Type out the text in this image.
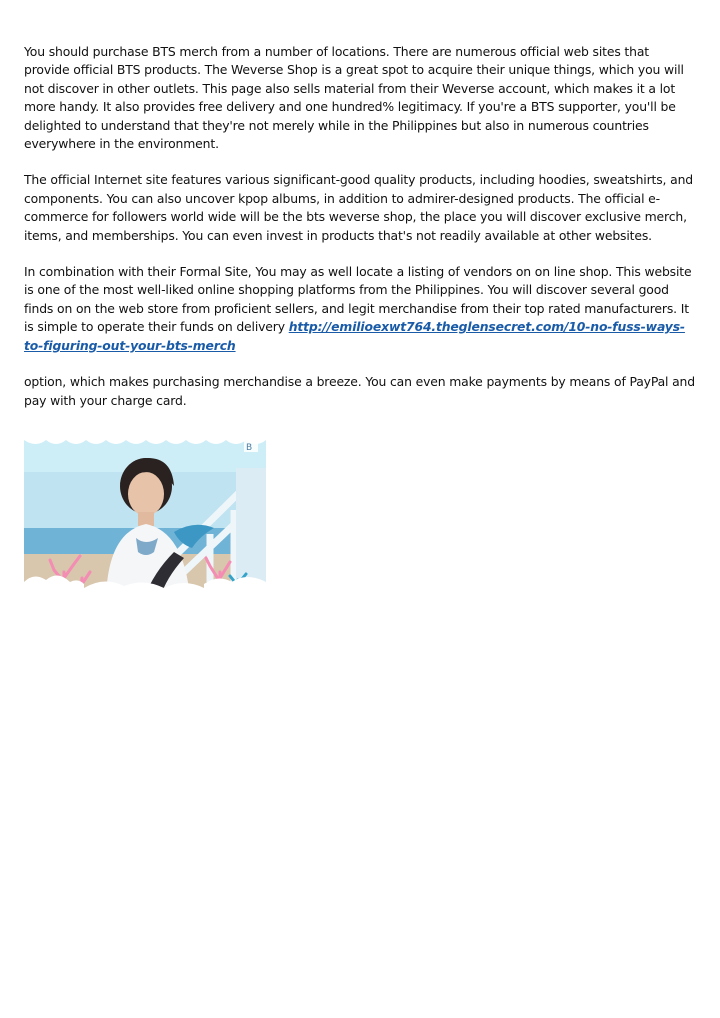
You should purchase BTS merch from a number of locations. There are numerous official web sites that provide official BTS products. The Weverse Shop is a great spot to acquire their unique things, which you will not discover in other outlets. This page also sells material from their Weverse account, which makes it a lot more handy. It also provides free delivery and one hundred% legitimacy. If you're a BTS supporter, you'll be delighted to understand that they're not merely while in the Philippines but also in numerous countries everywhere in the environment.

The official Internet site features various significant-good quality products, including hoodies, sweatshirts, and components. You can also uncover kpop albums, in addition to admirer-designed products. The official e-commerce for followers world wide will be the bts weverse shop, the place you will discover exclusive merch, items, and memberships. You can even invest in products that's not readily available at other websites.

In combination with their Formal Site, You may as well locate a listing of vendors on on line shop. This website is one of the most well-liked online shopping platforms from the Philippines. You will discover several good finds on on the web store from proficient sellers, and legit merchandise from their top rated manufacturers. It is simple to operate their funds on delivery http://emilioexwt764.theglensecret.com/10-no-fuss-ways-to-figuring-out-your-bts-merch

option, which makes purchasing merchandise a breeze. You can even make payments by means of PayPal and pay with your charge card.

B
